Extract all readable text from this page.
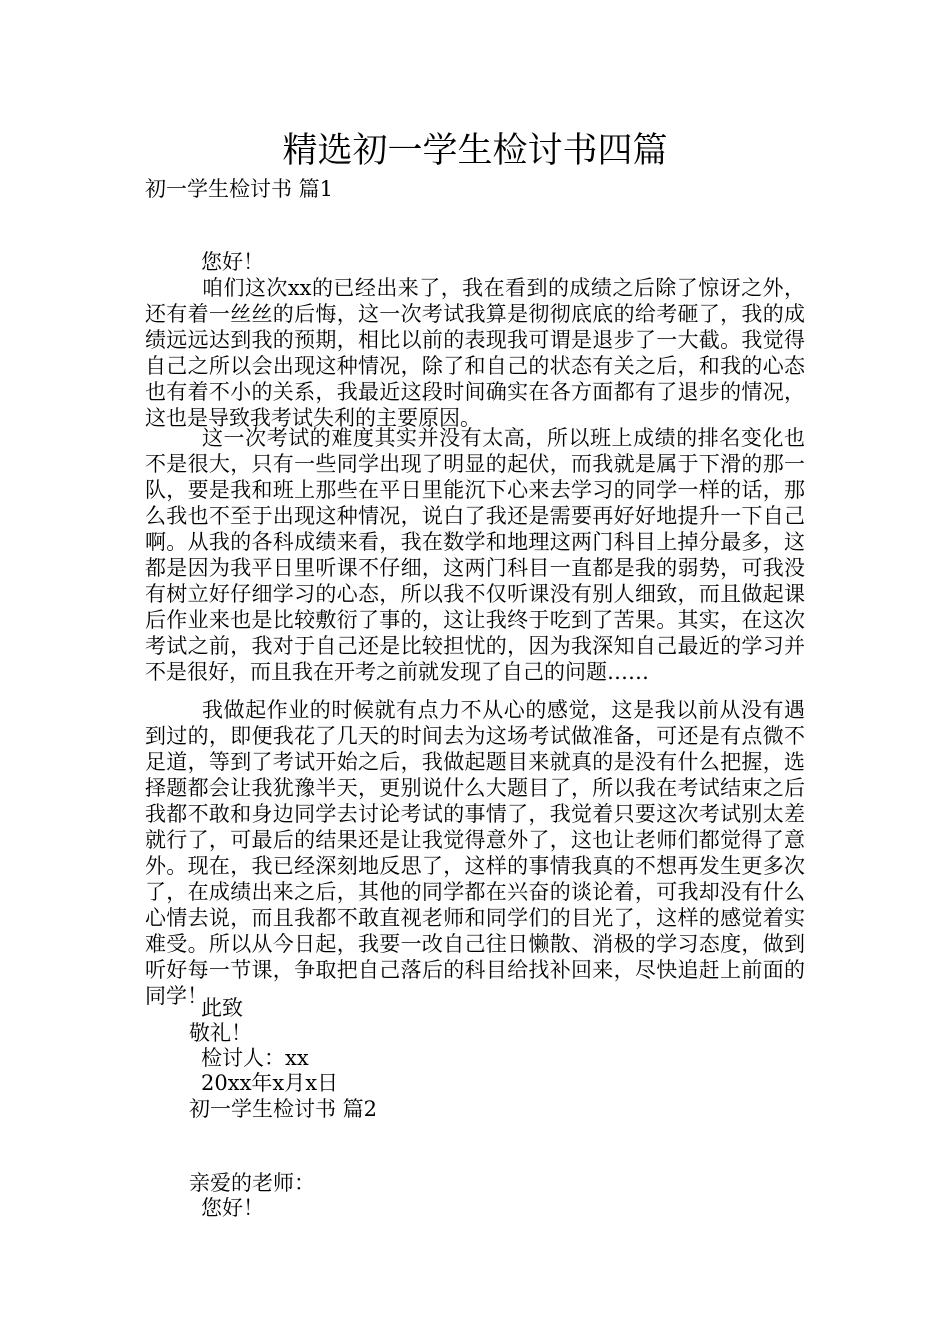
精选初一学生检讨书四篇

初一学生检讨书 篇1

您好！

咱们这次xx的已经出来了，我在看到的成绩之后除了惊讶之外，还有着一丝丝的后悔，这一次考试我算是彻彻底底的给考砸了，我的成绩远远达到我的预期，相比以前的表现我可谓是退步了一大截。我觉得自己之所以会出现这种情况，除了和自己的状态有关之后，和我的心态也有着不小的关系，我最近这段时间确实在各方面都有了退步的情况，这也是导致我考试失利的主要原因。

这一次考试的难度其实并没有太高，所以班上成绩的排名变化也不是很大，只有一些同学出现了明显的起伏，而我就是属于下滑的那一队，要是我和班上那些在平日里能沉下心来去学习的同学一样的话，那么我也不至于出现这种情况，说白了我还是需要再好好地提升一下自己啊。从我的各科成绩来看，我在数学和地理这两门科目上掉分最多，这都是因为我平日里听课不仔细，这两门科目一直都是我的弱势，可我没有树立好仔细学习的心态，所以我不仅听课没有别人细致，而且做起课后作业来也是比较敷衍了事的，这让我终于吃到了苦果。其实，在这次考试之前，我对于自己还是比较担忧的，因为我深知自己最近的学习并不是很好，而且我在开考之前就发现了自己的问题……

我做起作业的时候就有点力不从心的感觉，这是我以前从没有遇到过的，即便我花了几天的时间去为这场考试做准备，可还是有点微不足道，等到了考试开始之后，我做起题目来就真的是没有什么把握，选择题都会让我犹豫半天，更别说什么大题目了，所以我在考试结束之后我都不敢和身边同学去讨论考试的事情了，我觉着只要这次考试别太差就行了，可最后的结果还是让我觉得意外了，这也让老师们都觉得了意外。现在，我已经深刻地反思了，这样的事情我真的不想再发生更多次了，在成绩出来之后，其他的同学都在兴奋的谈论着，可我却没有什么心情去说，而且我都不敢直视老师和同学们的目光了，这样的感觉着实难受。所以从今日起，我要一改自己往日懒散、消极的学习态度，做到听好每一节课，争取把自己落后的科目给找补回来，尽快追赶上前面的同学！

此致

敬礼！

检讨人：xx

20xx年x月x日

初一学生检讨书 篇2

亲爱的老师：

您好！
